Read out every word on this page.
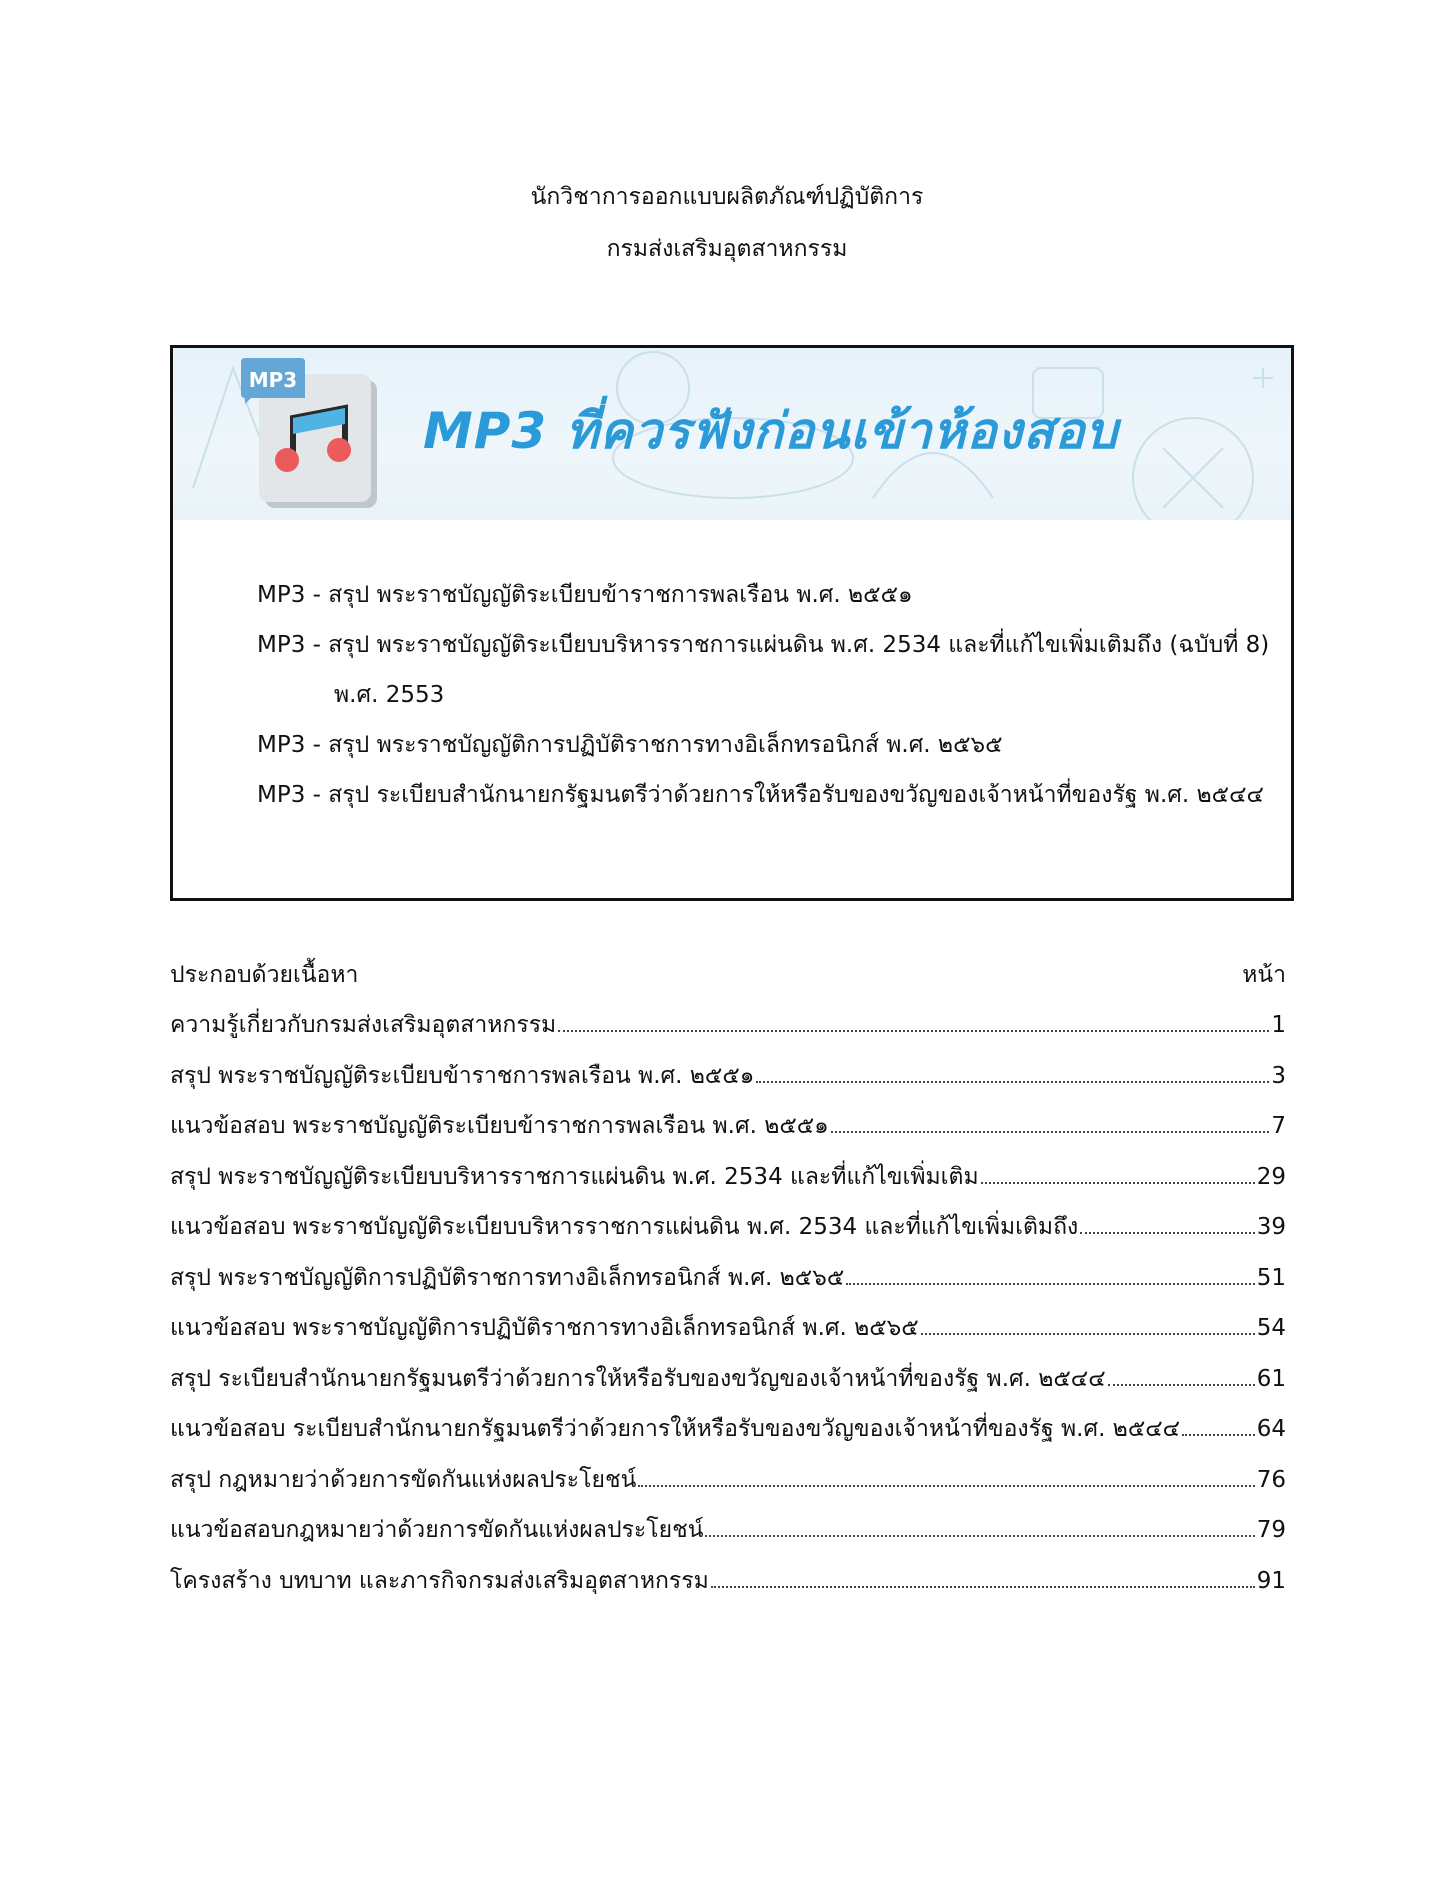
นักวิชาการออกแบบผลิตภัณฑ์ปฏิบัติการ
กรมส่งเสริมอุตสาหกรรม
MP3
MP3 ที่ควรฟังก่อนเข้าห้องสอบ
MP3 - สรุป พระราชบัญญัติระเบียบข้าราชการพลเรือน พ.ศ. ๒๕๕๑
MP3 - สรุป พระราชบัญญัติระเบียบบริหารราชการแผ่นดิน พ.ศ. 2534 และที่แก้ไขเพิ่มเติมถึง (ฉบับที่ 8) พ.ศ. 2553
MP3 - สรุป พระราชบัญญัติการปฏิบัติราชการทางอิเล็กทรอนิกส์ พ.ศ. ๒๕๖๕
MP3 - สรุป ระเบียบสำนักนายกรัฐมนตรีว่าด้วยการให้หรือรับของขวัญของเจ้าหน้าที่ของรัฐ พ.ศ. ๒๕๔๔
ประกอบด้วยเนื้อหา	หน้า
ความรู้เกี่ยวกับกรมส่งเสริมอุตสาหกรรม	1
สรุป พระราชบัญญัติระเบียบข้าราชการพลเรือน พ.ศ. ๒๕๕๑	3
แนวข้อสอบ พระราชบัญญัติระเบียบข้าราชการพลเรือน พ.ศ. ๒๕๕๑	7
สรุป พระราชบัญญัติระเบียบบริหารราชการแผ่นดิน พ.ศ. 2534 และที่แก้ไขเพิ่มเติม	29
แนวข้อสอบ พระราชบัญญัติระเบียบบริหารราชการแผ่นดิน พ.ศ. 2534 และที่แก้ไขเพิ่มเติมถึง	39
สรุป พระราชบัญญัติการปฏิบัติราชการทางอิเล็กทรอนิกส์ พ.ศ. ๒๕๖๕	51
แนวข้อสอบ พระราชบัญญัติการปฏิบัติราชการทางอิเล็กทรอนิกส์ พ.ศ. ๒๕๖๕	54
สรุป ระเบียบสำนักนายกรัฐมนตรีว่าด้วยการให้หรือรับของขวัญของเจ้าหน้าที่ของรัฐ พ.ศ. ๒๕๔๔	61
แนวข้อสอบ ระเบียบสำนักนายกรัฐมนตรีว่าด้วยการให้หรือรับของขวัญของเจ้าหน้าที่ของรัฐ พ.ศ. ๒๕๔๔	64
สรุป กฎหมายว่าด้วยการขัดกันแห่งผลประโยชน์	76
แนวข้อสอบกฎหมายว่าด้วยการขัดกันแห่งผลประโยชน์	79
โครงสร้าง บทบาท และภารกิจกรมส่งเสริมอุตสาหกรรม	91
